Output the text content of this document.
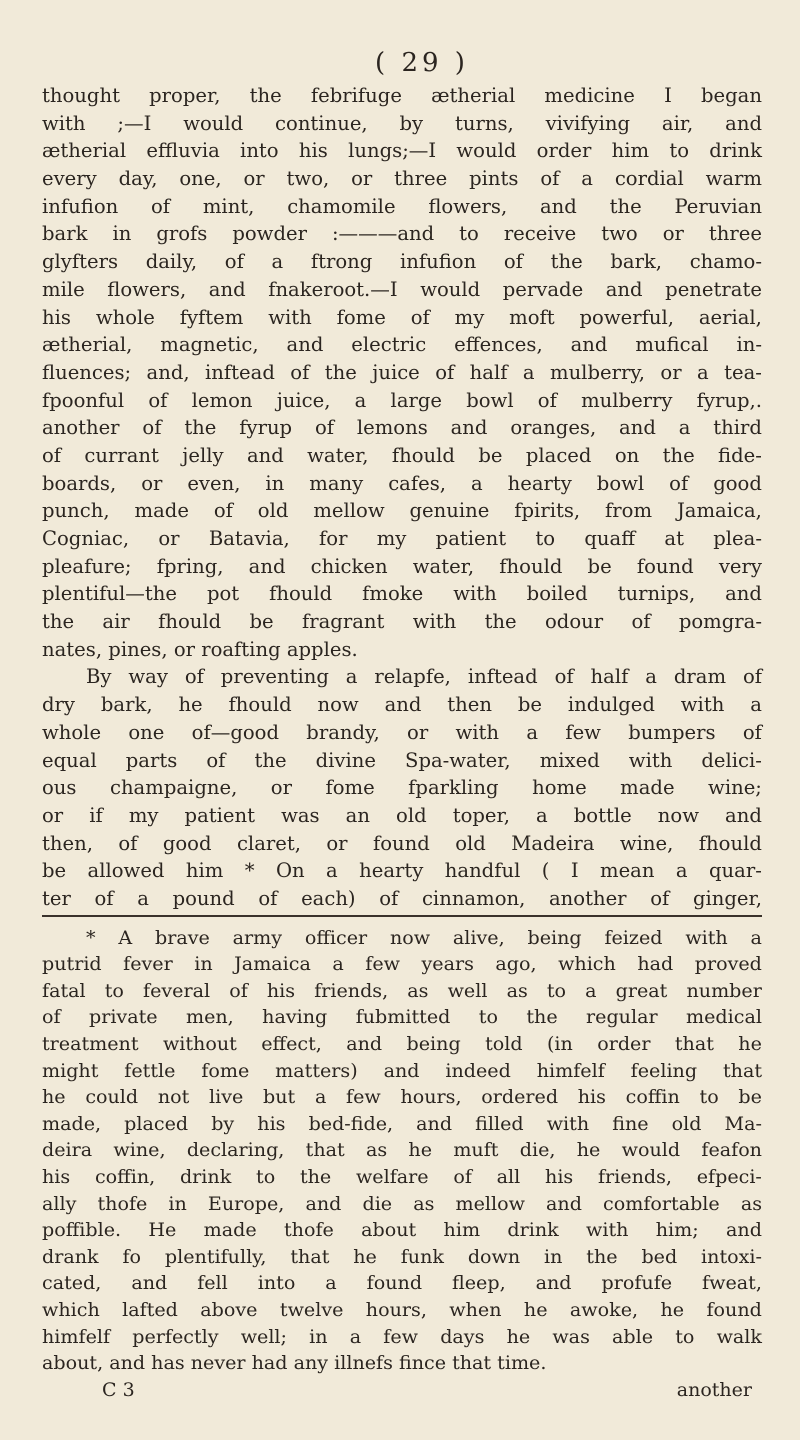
( 29 )
thought proper, the febrifuge ætherial medicine I began
with ;—I would continue, by turns, vivifying air, and
ætherial effluvia into his lungs;—I would order him to drink
every day, one, or two, or three pints of a cordial warm
infufion of mint, chamomile flowers, and the Peruvian
bark in grofs powder :———and to receive two or three
glyfters daily, of a ftrong infufion of the bark, chamo-
mile flowers, and fnakeroot.—I would pervade and penetrate
his whole fyftem with fome of my moft powerful, aerial,
ætherial, magnetic, and electric effences, and mufical in-
fluences; and, inftead of the juice of half a mulberry, or a tea-
fpoonful of lemon juice, a large bowl of mulberry fyrup,.
another of the fyrup of lemons and oranges, and a third
of currant jelly and water, fhould be placed on the fide-
boards, or even, in many cafes, a hearty bowl of good
punch, made of old mellow genuine fpirits, from Jamaica,
Cogniac, or Batavia, for my patient to quaff at plea-
pleafure; fpring, and chicken water, fhould be found very
plentiful—the pot fhould fmoke with boiled turnips, and
the air fhould be fragrant with the odour of pomgra-
nates, pines, or roafting apples.
By way of preventing a relapfe, inftead of half a dram of
dry bark, he fhould now and then be indulged with a
whole one of—good brandy, or with a few bumpers of
equal parts of the divine Spa-water, mixed with delici-
ous champaigne, or fome fparkling home made wine;
or if my patient was an old toper, a bottle now and
then, of good claret, or found old Madeira wine, fhould
be allowed him * On a hearty handful ( I mean a quar-
ter of a pound of each) of cinnamon, another of ginger,
* A brave army officer now alive, being feized with a
putrid fever in Jamaica a few years ago, which had proved
fatal to feveral of his friends, as well as to a great number
of private men, having fubmitted to the regular medical
treatment without effect, and being told (in order that he
might fettle fome matters) and indeed himfelf feeling that
he could not live but a few hours, ordered his coffin to be
made, placed by his bed-fide, and filled with fine old Ma-
deira wine, declaring, that as he muft die, he would feafon
his coffin, drink to the welfare of all his friends, efpeci-
ally thofe in Europe, and die as mellow and comfortable as
poffible. He made thofe about him drink with him; and
drank fo plentifully, that he funk down in the bed intoxi-
cated, and fell into a found fleep, and profufe fweat,
which lafted above twelve hours, when he awoke, he found
himfelf perfectly well; in a few days he was able to walk
about, and has never had any illnefs fince that time.
C 3	another
